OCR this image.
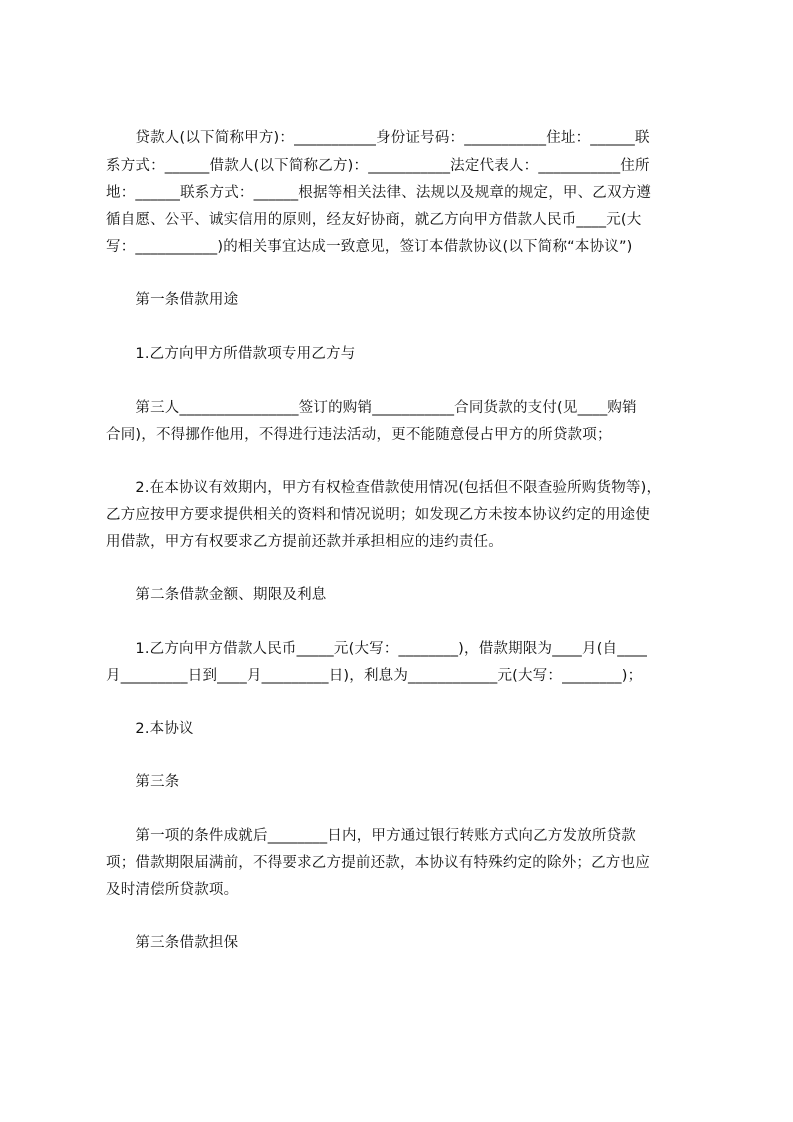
　　贷款人(以下简称甲方)：___________身份证号码：___________住址：______联
系方式：______借款人(以下简称乙方)：___________法定代表人：___________住所
地：______联系方式：______根据等相关法律、法规以及规章的规定，甲、乙双方遵
循自愿、公平、诚实信用的原则，经友好协商，就乙方向甲方借款人民币____元(大
写：___________)的相关事宜达成一致意见，签订本借款协议(以下简称“本协议”)
　　第一条借款用途
　　1.乙方向甲方所借款项专用乙方与
　　第三人________________签订的购销___________合同货款的支付(见____购销
合同)，不得挪作他用，不得进行违法活动，更不能随意侵占甲方的所贷款项；
　　2.在本协议有效期内，甲方有权检查借款使用情况(包括但不限查验所购货物等)，
乙方应按甲方要求提供相关的资料和情况说明；如发现乙方未按本协议约定的用途使
用借款，甲方有权要求乙方提前还款并承担相应的违约责任。
　　第二条借款金额、期限及利息
　　1.乙方向甲方借款人民币_____元(大写：________)，借款期限为____月(自____
月_________日到____月_________日)，利息为____________元(大写：________)；
　　2.本协议
　　第三条
　　第一项的条件成就后________日内，甲方通过银行转账方式向乙方发放所贷款
项；借款期限届满前，不得要求乙方提前还款，本协议有特殊约定的除外；乙方也应
及时清偿所贷款项。
　　第三条借款担保
